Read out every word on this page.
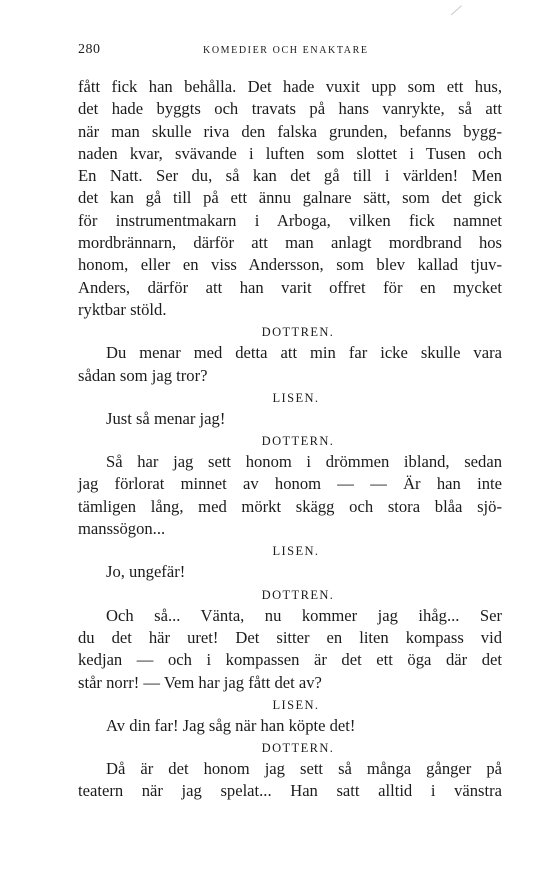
280	KOMEDIER OCH ENAKTARE
fått fick han behålla. Det hade vuxit upp som ett hus,
det hade byggts och travats på hans vanrykte, så att
när man skulle riva den falska grunden, befanns bygg-
naden kvar, svävande i luften som slottet i Tusen och
En Natt. Ser du, så kan det gå till i världen! Men
det kan gå till på ett ännu galnare sätt, som det gick
för instrumentmakarn i Arboga, vilken fick namnet
mordbrännarn, därför att man anlagt mordbrand hos
honom, eller en viss Andersson, som blev kallad tjuv-
Anders, därför att han varit offret för en mycket
ryktbar stöld.
DOTTREN.
Du menar med detta att min far icke skulle vara
sådan som jag tror?
LISEN.
Just så menar jag!
DOTTERN.
Så har jag sett honom i drömmen ibland, sedan
jag förlorat minnet av honom — — Är han inte
tämligen lång, med mörkt skägg och stora blåa sjö-
manssögon...
LISEN.
Jo, ungefär!
DOTTREN.
Och så... Vänta, nu kommer jag ihåg... Ser
du det här uret! Det sitter en liten kompass vid
kedjan — och i kompassen är det ett öga där det
står norr! — Vem har jag fått det av?
LISEN.
Av din far! Jag såg när han köpte det!
DOTTERN.
Då är det honom jag sett så många gånger på
teatern när jag spelat... Han satt alltid i vänstra
